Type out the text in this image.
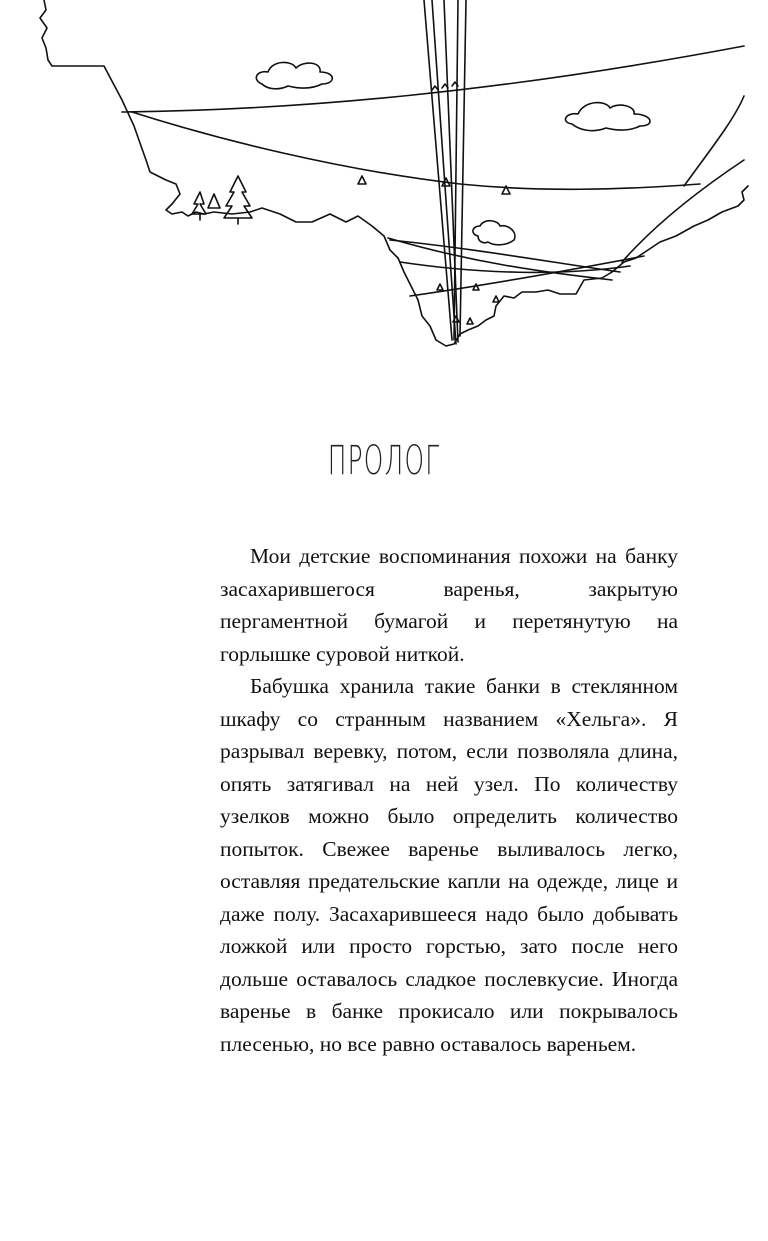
ПРОЛОГ

Мои детские воспоминания похожи на банку засахарившегося варенья, закрытую пергаментной бумагой и перетянутую на горлышке суровой ниткой.

Бабушка хранила такие банки в стеклянном шкафу со странным названием «Хельга». Я разрывал веревку, потом, если позволяла длина, опять затягивал на ней узел. По количеству узелков можно было определить количество попыток. Свежее варенье выливалось легко, оставляя предательские капли на одежде, лице и даже полу. Засахарившееся надо было добывать ложкой или просто горстью, зато после него дольше оставалось сладкое послевкусие. Иногда варенье в банке прокисало или покрывалось плесенью, но все равно оставалось вареньем.
